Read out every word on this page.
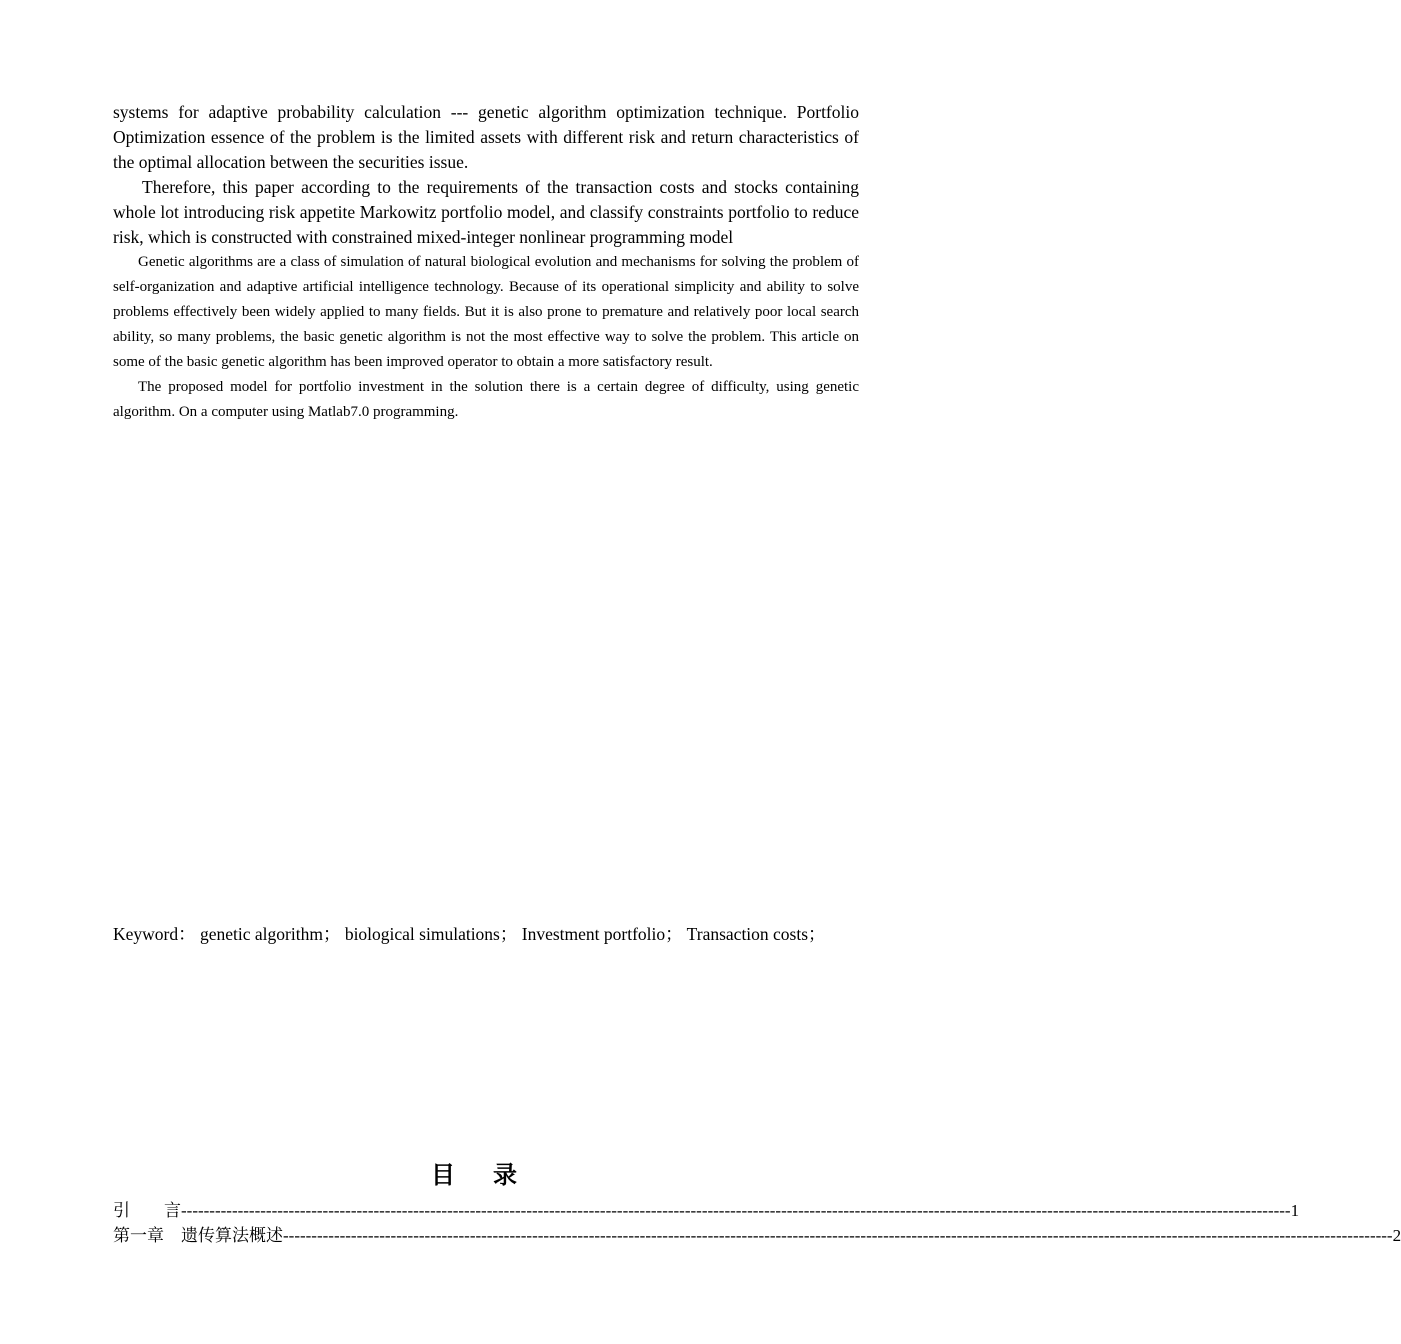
systems for adaptive probability calculation --- genetic algorithm optimization technique. Portfolio Optimization essence of the problem is the limited assets with different risk and return characteristics of the optimal allocation between the securities issue.

Therefore, this paper according to the requirements of the transaction costs and stocks containing whole lot introducing risk appetite Markowitz portfolio model, and classify constraints portfolio to reduce risk, which is constructed with constrained mixed-integer nonlinear programming model

Genetic algorithms are a class of simulation of natural biological evolution and mechanisms for solving the problem of self-organization and adaptive artificial intelligence technology. Because of its operational simplicity and ability to solve problems effectively been widely applied to many fields. But it is also prone to premature and relatively poor local search ability, so many problems, the basic genetic algorithm is not the most effective way to solve the problem. This article on some of the basic genetic algorithm has been improved operator to obtain a more satisfactory result.

The proposed model for portfolio investment in the solution there is a certain degree of difficulty, using genetic algorithm. On a computer using Matlab7.0 programming.

Keyword： genetic algorithm； biological simulations； Investment portfolio； Transaction costs；

目 录
引　　言 ---------------------------------------------------------------------------------------------------------------------------------------------------------------------------------------------------- 1
第一章　遗传算法概述 ---------------------------------------------------------------------------------------------------------------------------------------------------------------------------------------------------- 2
